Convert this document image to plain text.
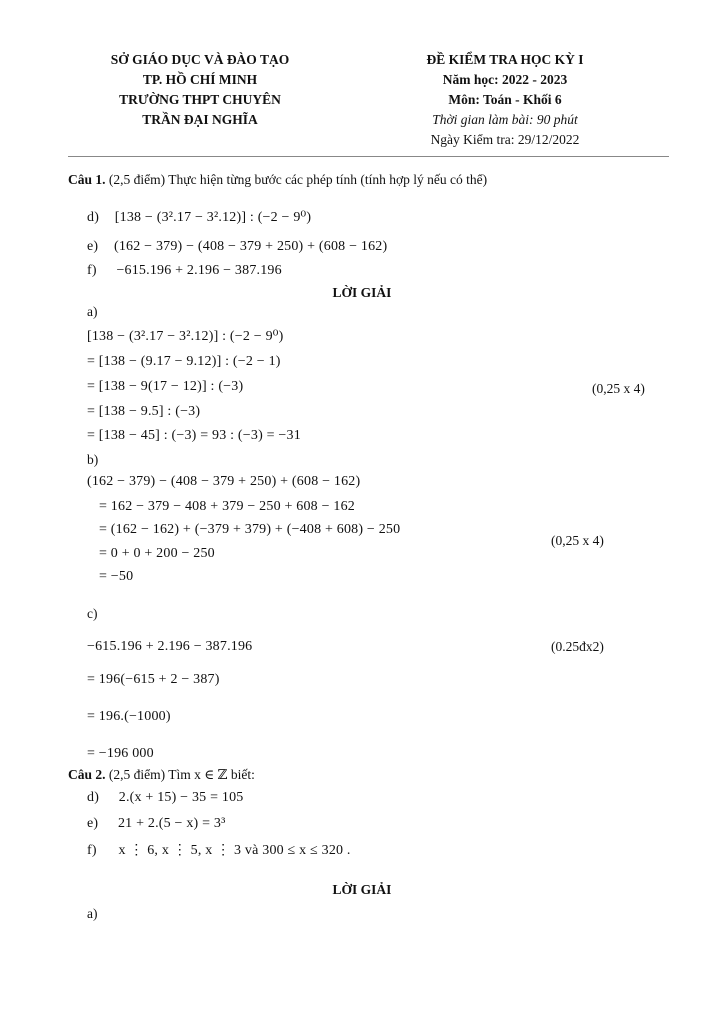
SỞ GIÁO DỤC VÀ ĐÀO TẠO
TP. HỒ CHÍ MINH
TRƯỜNG THPT CHUYÊN
TRẦN ĐẠI NGHĨA
ĐỀ KIỂM TRA HỌC KỲ I
Năm học: 2022 - 2023
Môn: Toán - Khối 6
Thời gian làm bài: 90 phút
Ngày Kiểm tra: 29/12/2022
Câu 1. (2,5 điểm) Thực hiện từng bước các phép tính (tính hợp lý nếu có thể)
d) [138 − (3².17 − 3².12)] : (−2 − 9⁰)
e) (162 − 379) − (408 − 379 + 250) + (608 − 162)
f) −615.196 + 2.196 − 387.196
LỜI GIẢI
a)
[138 − (3².17 − 3².12)] : (−2 − 9⁰)
= [138 − (9.17 − 9.12)] : (−2 − 1)
= [138 − 9(17 − 12)] : (−3)
= [138 − 9.5] : (−3)
= [138 − 45] : (−3) = 93 : (−3) = −31
(0,25 x 4)
b)
(162 − 379) − (408 − 379 + 250) + (608 − 162)
= 162 − 379 − 408 + 379 − 250 + 608 − 162
= (162 − 162) + (−379 + 379) + (−408 + 608) − 250
= 0 + 0 + 200 − 250
= −50
(0,25 x 4)
c)
−615.196 + 2.196 − 387.196
= 196(−615 + 2 − 387)
= 196.(−1000)
= −196 000
(0.25đx2)
Câu 2. (2,5 điểm) Tìm x ∈ ℤ biết:
d) 2.(x + 15) − 35 = 105
e) 21 + 2.(5 − x) = 3³
f) x ⋮ 6, x ⋮ 5, x ⋮ 3 và 300 ≤ x ≤ 320 .
LỜI GIẢI
a)
